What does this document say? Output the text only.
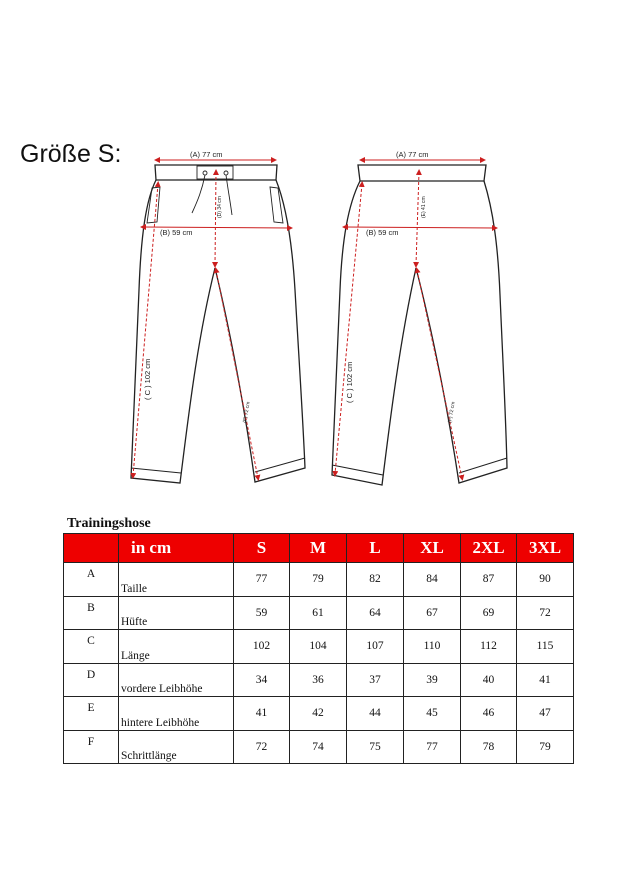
Größe S:	(A) 77 cm
(B) 59 cm
( C ) 102 cm
(D) 34 cm
(F) 72 cm
(A) 77 cm
(B) 59 cm
( C ) 102 cm
(E) 41 cm
(F) 72 cm
Trainingshose
	in cm	S	M	L	XL	2XL	3XL
A	Taille	77	79	82	84	87	90
B	Hüfte	59	61	64	67	69	72
C	Länge	102	104	107	110	112	115
D	vordere Leibhöhe	34	36	37	39	40	41
E	hintere Leibhöhe	41	42	44	45	46	47
F	Schrittlänge	72	74	75	77	78	79
